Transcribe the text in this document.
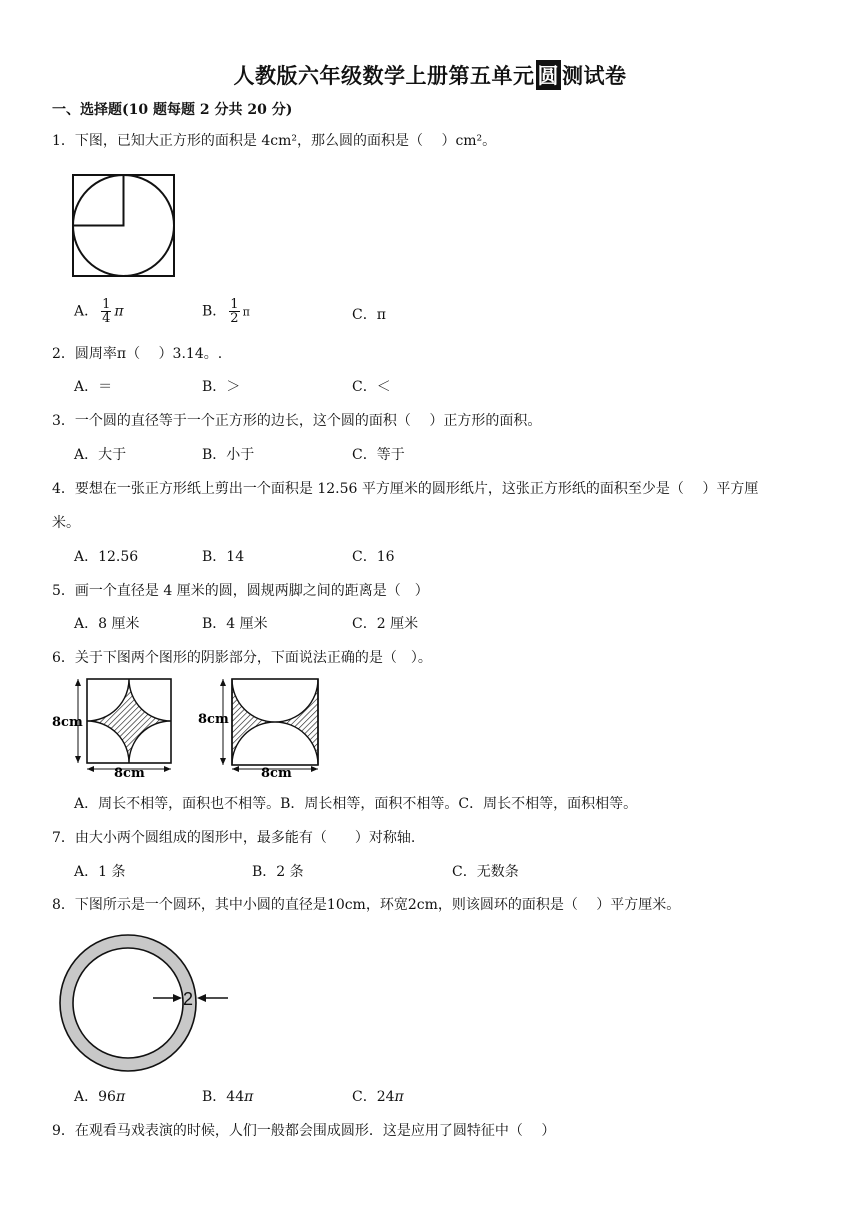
人教版六年级数学上册第五单元 圆 测试卷
一、选择题(10 题每题 2 分共 20 分)
1．下图，已知大正方形的面积是 4cm²，那么圆的面积是（　 ）cm²。
A． $\frac{1}{4}$ π	B． $\frac{1}{2}$ π	C．π
2．圆周率π（　 ）3.14。.
A．＝	B．＞	C．＜
3．一个圆的直径等于一个正方形的边长，这个圆的面积（　 ）正方形的面积。
A．大于	B．小于	C．等于
4．要想在一张正方形纸上剪出一个面积是 12.56 平方厘米的圆形纸片，这张正方形纸的面积至少是（　 ）平方厘
米。
A．12.56	B．14	C．16
5．画一个直径是 4 厘米的圆，圆规两脚之间的距离是（　）
A．8 厘米	B．4 厘米	C．2 厘米
6．关于下图两个图形的阴影部分，下面说法正确的是（　）。
8cm
8cm
8cm
8cm
A．周长不相等，面积也不相等。B．周长相等，面积不相等。C．周长不相等，面积相等。
7．由大小两个圆组成的图形中，最多能有（　　）对称轴.
A．1 条	B．2 条	C．无数条
8．下图所示是一个圆环，其中小圆的直径是10cm，环宽2cm，则该圆环的面积是（　 ）平方厘米。
2
A．96π	B．44π	C．24π
9．在观看马戏表演的时候，人们一般都会围成圆形．这是应用了圆特征中（　 ）
